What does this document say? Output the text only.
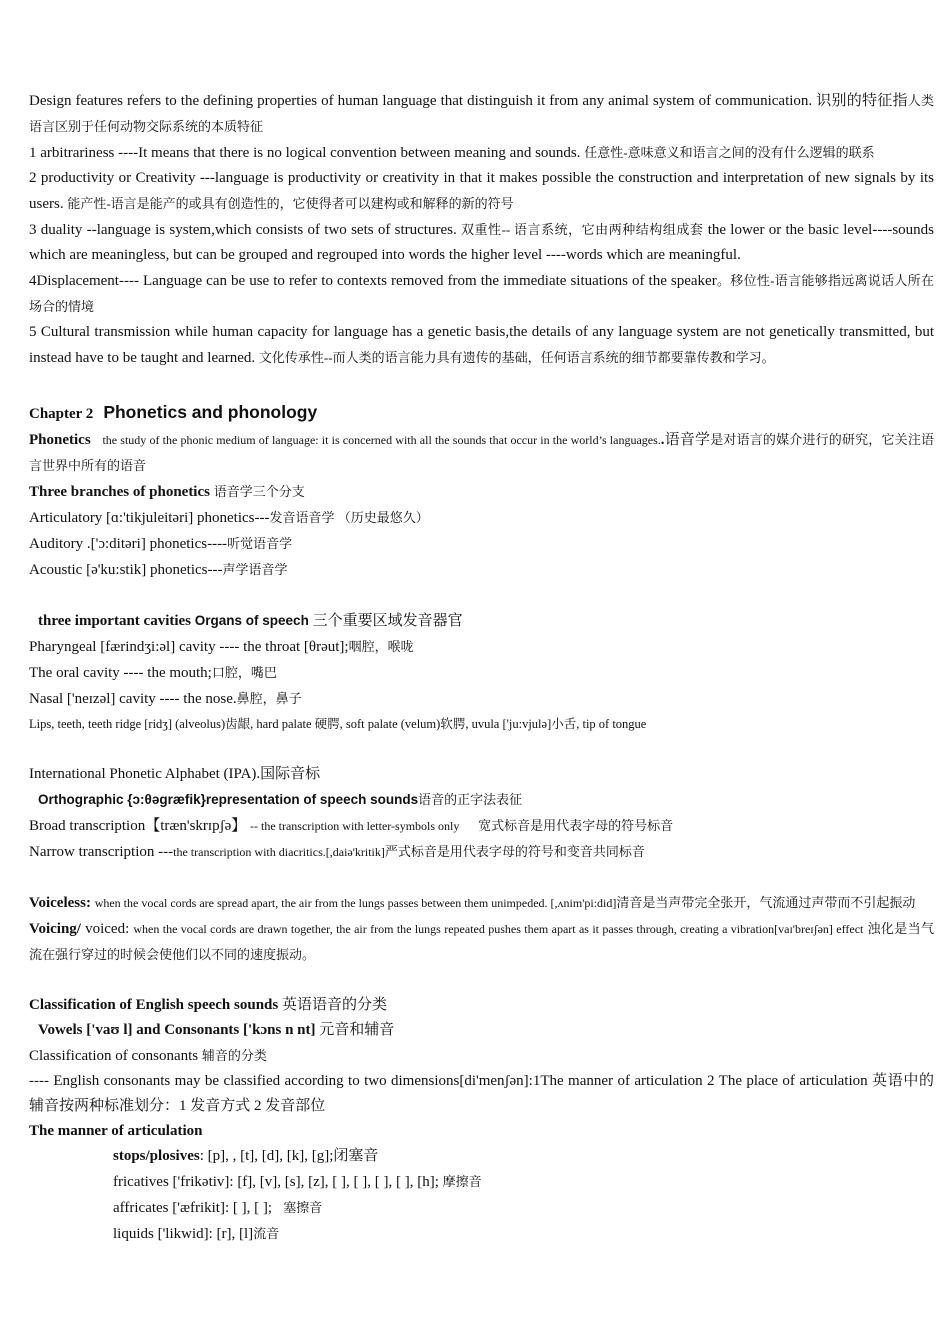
Design features refers to the defining properties of human language that distinguish it from any animal system of communication. 识别的特征指人类语言区别于任何动物交际系统的本质特征

1 arbitrariness ----It means that there is no logical convention between meaning and sounds. 任意性-意味意义和语言之间的没有什么逻辑的联系

2 productivity or Creativity ---language is productivity or creativity in that it makes possible the construction and interpretation of new signals by its users. 能产性-语言是能产的或具有创造性的，它使得者可以建构或和解释的新的符号

3 duality --language is system,which consists of two sets of structures. 双重性-- 语言系统，它由两种结构组成套 the lower or the basic level----sounds which are meaningless, but can be grouped and regrouped into words the higher level ----words which are meaningful.

4Displacement---- Language can be use to refer to contexts removed from the immediate situations of the speaker。移位性-语言能够指远离说话人所在场合的情境

5 Cultural transmission while human capacity for language has a genetic basis,the details of any language system are not genetically transmitted, but instead have to be taught and learned. 文化传承性--而人类的语言能力具有遗传的基础，任何语言系统的细节都要靠传教和学习。

Chapter 2 Phonetics and phonology

Phonetics the study of the phonic medium of language: it is concerned with all the sounds that occur in the world’s languages..语音学是对语言的媒介进行的研究，它关注语言世界中所有的语音

Three branches of phonetics 语音学三个分支

Articulatory [ɑ:'tikjuleitəri] phonetics---发音语音学 （历史最悠久）

Auditory .['ɔ:ditəri] phonetics----听觉语音学

Acoustic [ə'ku:stik] phonetics---声学语音学

three important cavities Organs of speech 三个重要区域发音器官

Pharyngeal [færindʒi:əl] cavity ---- the throat [θrəut];咽腔，喉咙

The oral cavity ---- the mouth;口腔，嘴巴

Nasal ['neɪzəl] cavity ---- the nose.鼻腔，鼻子

Lips, teeth, teeth ridge [ridʒ] (alveolus)齿龈, hard palate 硬腭, soft palate (velum)软腭, uvula ['ju:vjulə]小舌, tip of tongue

International Phonetic Alphabet (IPA).国际音标

Orthographic {ɔ:θəɡræfik}representation of speech sounds语音的正字法表征

Broad transcription【træn'skrɪpʃə】 -- the transcription with letter-symbols only 宽式标音是用代表字母的符号标音

Narrow transcription ---the transcription with diacritics.[,daiə'kritik]严式标音是用代表字母的符号和变音共同标音

Voiceless: when the vocal cords are spread apart, the air from the lungs passes between them unimpeded. [,ʌnim'pi:did]清音是当声带完全张开，气流通过声带而不引起振动

Voicing/ voiced: when the vocal cords are drawn together, the air from the lungs repeated pushes them apart as it passes through, creating a vibration[vaɪ'breɪʃən] effect 浊化是当气流在强行穿过的时候会使他们以不同的速度振动。

Classification of English speech sounds 英语语音的分类

Vowels ['vaʊ l] and Consonants ['kɔns n nt] 元音和辅音

Classification of consonants 辅音的分类

---- English consonants may be classified according to two dimensions[di'menʃən]:1The manner of articulation 2 The place of articulation 英语中的辅音按两种标准划分：1 发音方式 2 发音部位

The manner of articulation

stops/plosives: [p], , [t], [d], [k], [g];闭塞音

fricatives ['frikətiv]: [f], [v], [s], [z], [ ], [ ], [ ], [ ], [h]; 摩擦音

affricates ['æfrikit]: [ ], [ ]; 塞擦音

liquids ['likwid]: [r], [l]流音
